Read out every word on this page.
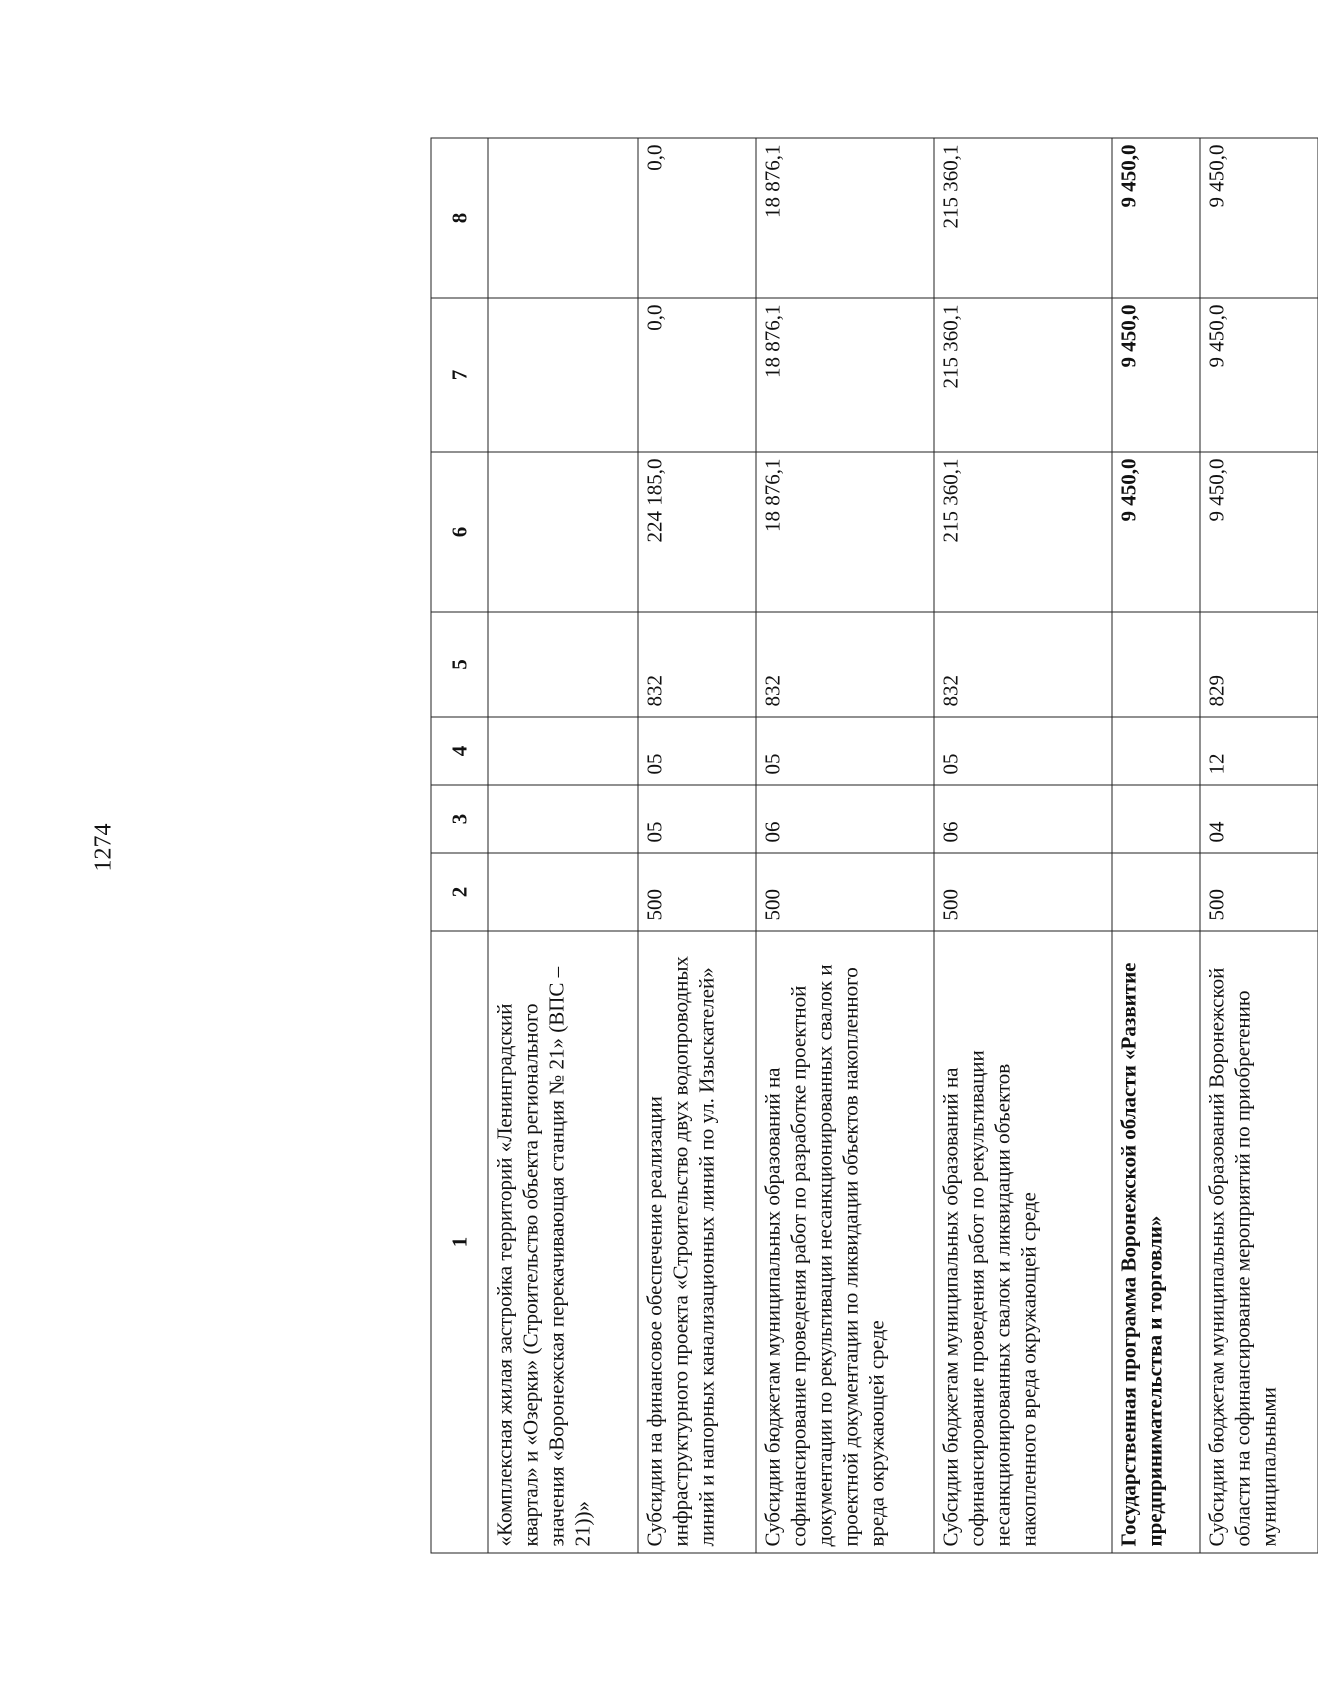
1274
1	2	3	4	5	6	7	8
«Комплексная жилая застройка территорий «Ленинградский квартал» и «Озерки» (Строительство объекта регионального значения «Воронежская перекачивающая станция № 21» (ВПС – 21))»							
Субсидии на финансовое обеспечение реализации инфраструктурного проекта «Строительство двух водопроводных линий и напорных канализационных линий по ул. Изыскателей»	500	05	05	832	224 185,0	0,0	0,0
Субсидии бюджетам муниципальных образований на софинансирование проведения работ по разработке проектной документации по рекультивации несанкционированных свалок и проектной документации по ликвидации объектов накопленного вреда окружающей среде	500	06	05	832	18 876,1	18 876,1	18 876,1
Субсидии бюджетам муниципальных образований на софинансирование проведения работ по рекультивации несанкционированных свалок и ликвидации объектов накопленного вреда окружающей среде	500	06	05	832	215 360,1	215 360,1	215 360,1
Государственная программа Воронежской области «Развитие предпринимательства и торговли»					9 450,0	9 450,0	9 450,0
Субсидии бюджетам муниципальных образований Воронежской области на софинансирование мероприятий по приобретению муниципальными	500	04	12	829	9 450,0	9 450,0	9 450,0
